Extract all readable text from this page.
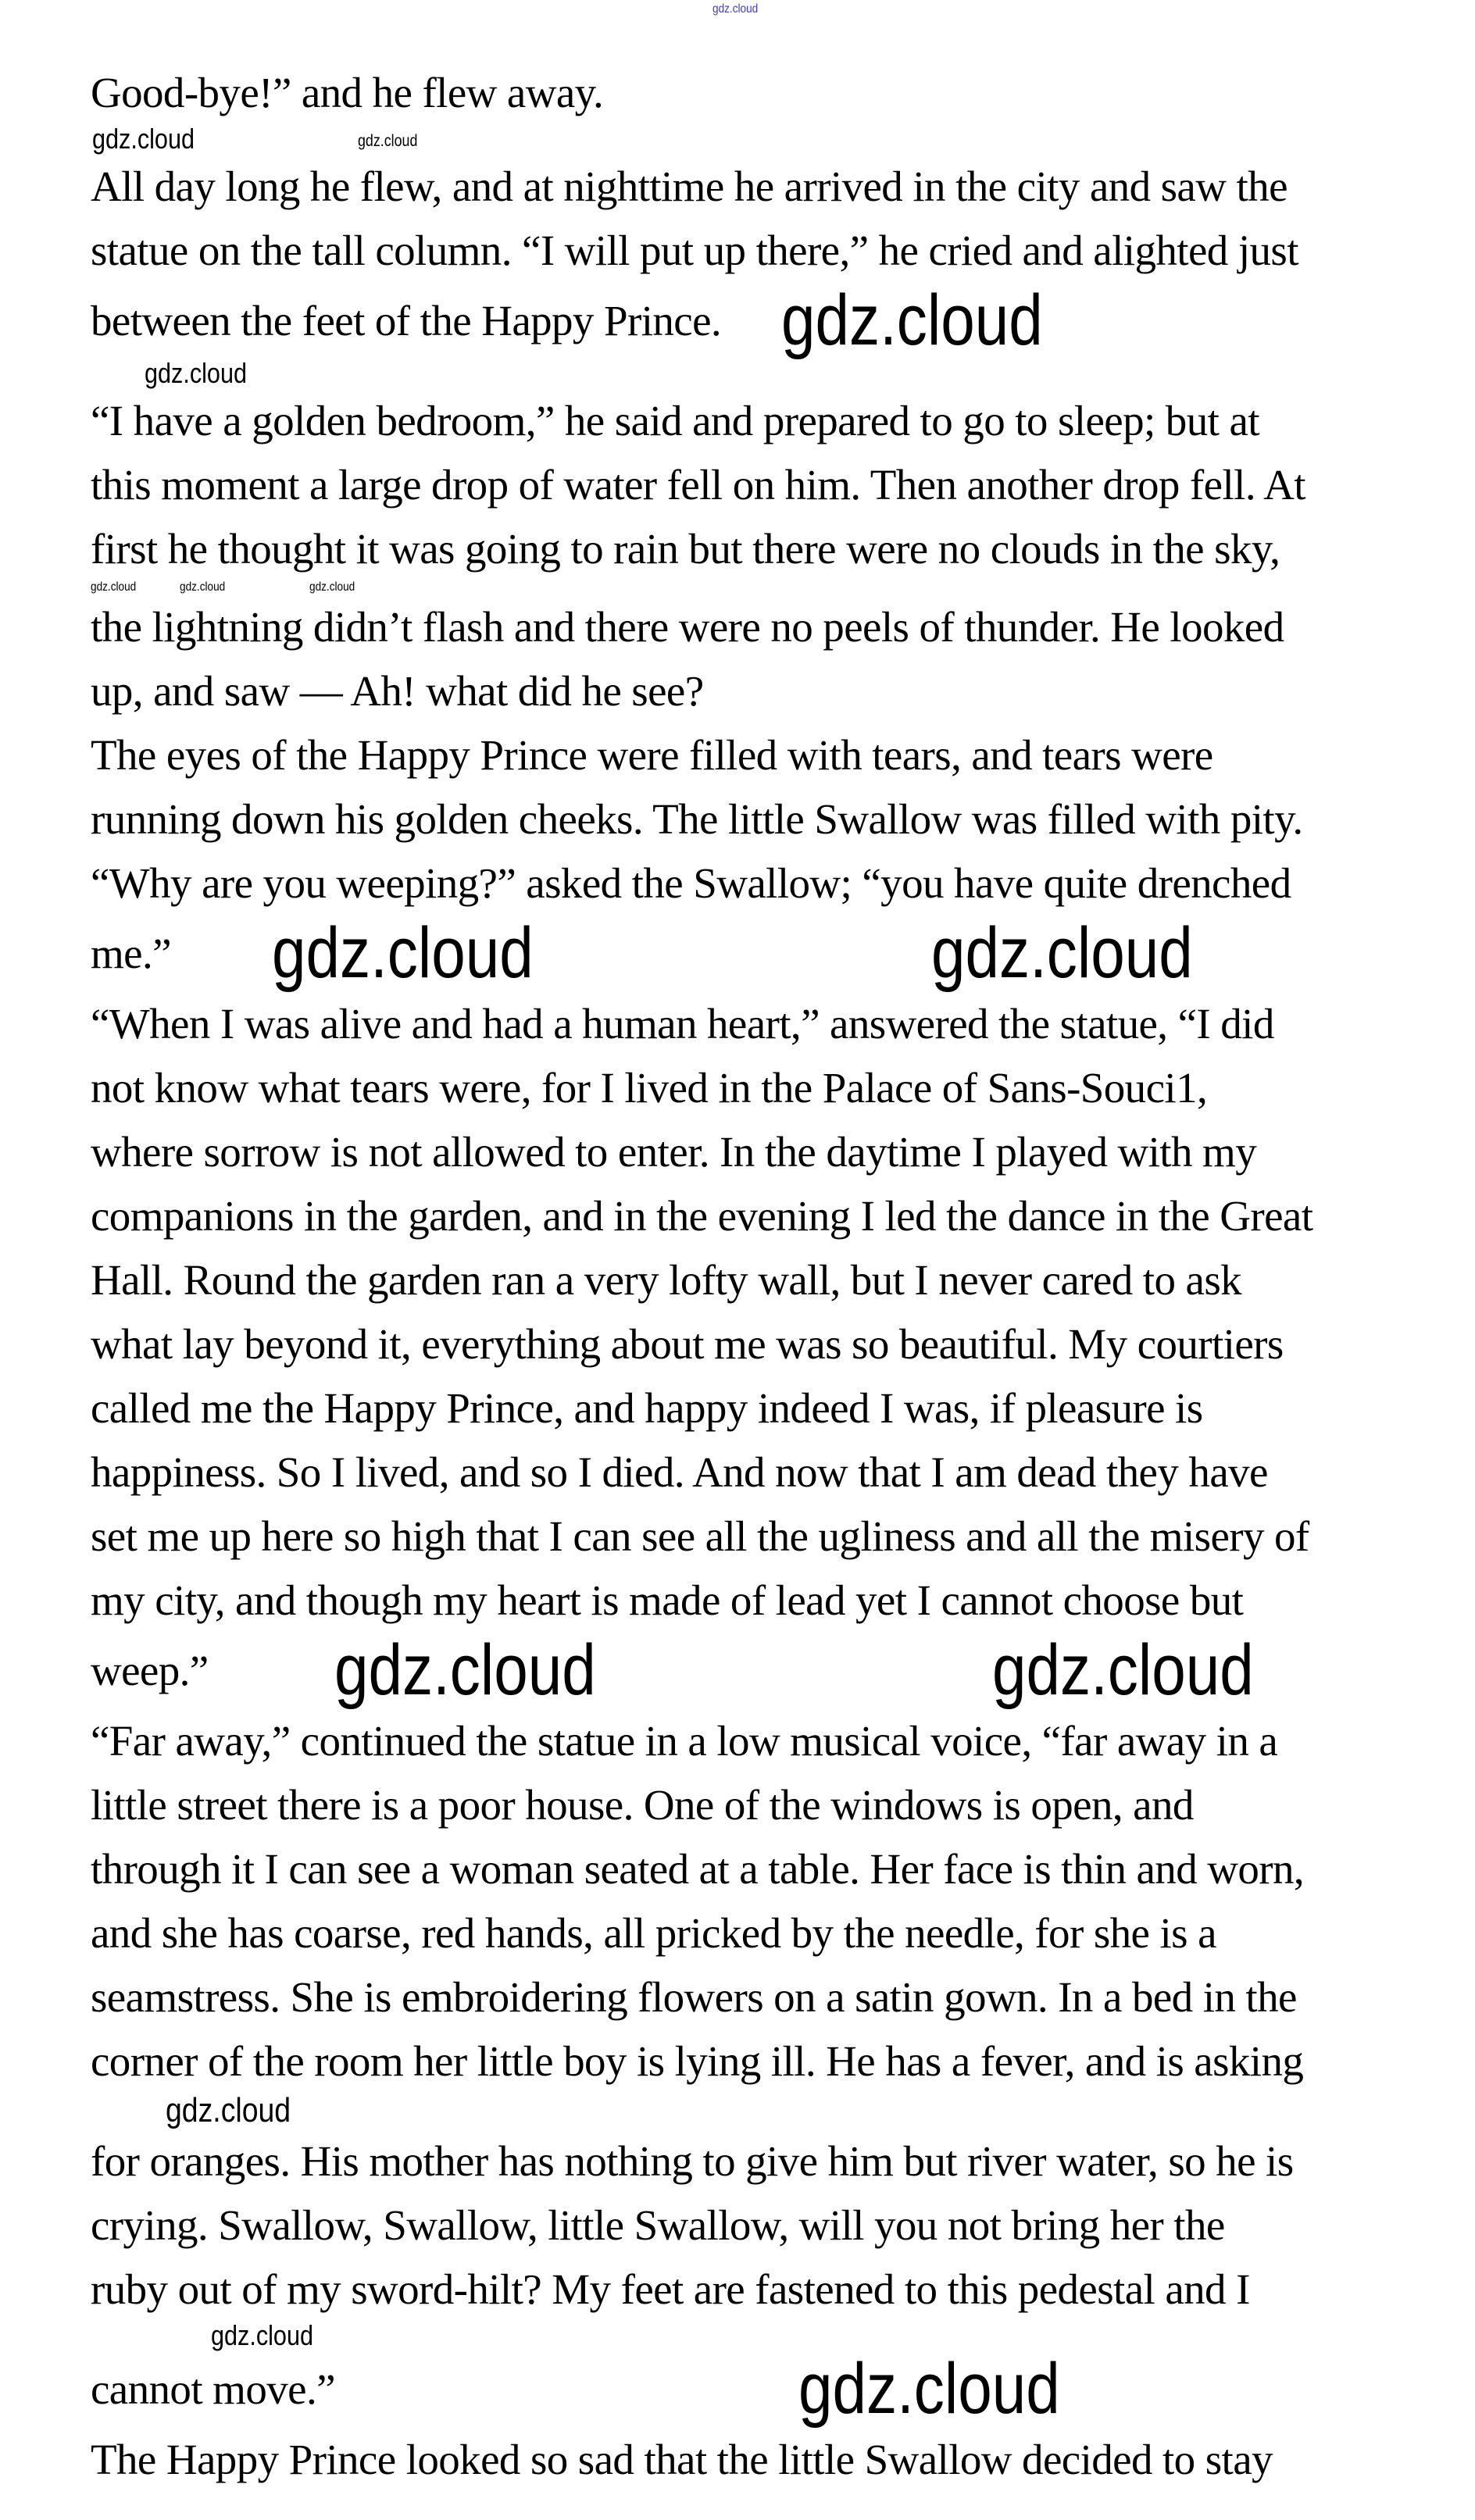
gdz.cloud
Good-bye!” and he flew away.
gdz.cloud	gdz.cloud
All day long he flew, and at nighttime he arrived in the city and saw the
statue on the tall column. “I will put up there,” he cried and alighted just
between the feet of the Happy Prince. gdz.cloud
gdz.cloud
“I have a golden bedroom,” he said and prepared to go to sleep; but at
this moment a large drop of water fell on him. Then another drop fell. At
first he thought it was going to rain but there were no clouds in the sky,
gdz.cloud	gdz.cloud	gdz.cloud
the lightning didn’t flash and there were no peels of thunder. He looked
up, and saw — Ah! what did he see?
The eyes of the Happy Prince were filled with tears, and tears were
running down his golden cheeks. The little Swallow was filled with pity.
“Why are you weeping?” asked the Swallow; “you have quite drenched
me.” gdz.cloud	gdz.cloud
“When I was alive and had a human heart,” answered the statue, “I did
not know what tears were, for I lived in the Palace of Sans-Souci1,
where sorrow is not allowed to enter. In the daytime I played with my
companions in the garden, and in the evening I led the dance in the Great
Hall. Round the garden ran a very lofty wall, but I never cared to ask
what lay beyond it, everything about me was so beautiful. My courtiers
called me the Happy Prince, and happy indeed I was, if pleasure is
happiness. So I lived, and so I died. And now that I am dead they have
set me up here so high that I can see all the ugliness and all the misery of
my city, and though my heart is made of lead yet I cannot choose but
weep.” gdz.cloud	gdz.cloud
“Far away,” continued the statue in a low musical voice, “far away in a
little street there is a poor house. One of the windows is open, and
through it I can see a woman seated at a table. Her face is thin and worn,
and she has coarse, red hands, all pricked by the needle, for she is a
seamstress. She is embroidering flowers on a satin gown. In a bed in the
corner of the room her little boy is lying ill. He has a fever, and is asking
gdz.cloud
for oranges. His mother has nothing to give him but river water, so he is
crying. Swallow, Swallow, little Swallow, will you not bring her the
ruby out of my sword-hilt? My feet are fastened to this pedestal and I
gdz.cloud
cannot move.”	gdz.cloud
The Happy Prince looked so sad that the little Swallow decided to stay
